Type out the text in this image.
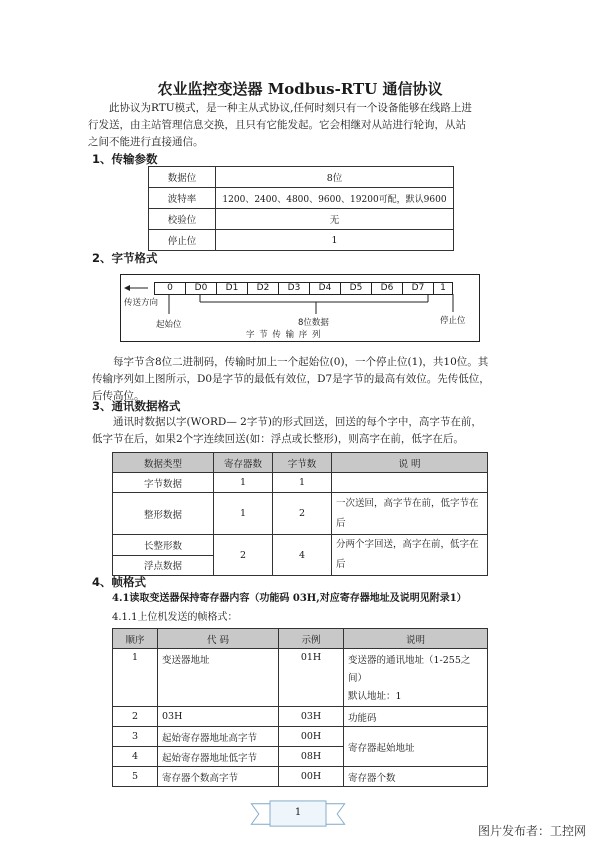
农业监控变送器 Modbus-RTU 通信协议
此协议为RTU模式，是一种主从式协议,任何时刻只有一个设备能够在线路上进行发送，由主站管理信息交换，且只有它能发起。它会相继对从站进行轮询，从站之间不能进行直接通信。
1、传输参数
数据位	8位
波特率	1200、2400、4800、9600、19200可配，默认9600
校验位	无
停止位	1
2、字节格式
0	D0	D1	D2	D3	D4	D5	D6	D7	1
传送方向
起始位	8位数据	停止位
字 节 传 输 序 列
每字节含8位二进制码，传输时加上一个起始位(0)，一个停止位(1)，共10位。其传输序列如上图所示，D0是字节的最低有效位，D7是字节的最高有效位。先传低位，后传高位。
3、通讯数据格式
通讯时数据以字(WORD— 2字节)的形式回送，回送的每个字中，高字节在前，低字节在后，如果2个字连续回送(如：浮点或长整形)，则高字在前，低字在后。
数据类型	寄存器数	字节数	说 明
字节数据	1	1	
整形数据	1	2	一次送回，高字节在前，低字节在后
长整形数	2	4	分两个字回送，高字在前，低字在后
浮点数据			
4、帧格式
4.1读取变送器保持寄存器内容（功能码 03H,对应寄存器地址及说明见附录1）
4.1.1上位机发送的帧格式：
顺序	代 码	示例	说明
1	变送器地址	01H	变送器的通讯地址（1-255之间）
默认地址：1

2	03H	03H	功能码
3	起始寄存器地址高字节	00H	寄存器起始地址
4	起始寄存器地址低字节	08H	
5	寄存器个数高字节	00H	寄存器个数
1
图片发布者：工控网
